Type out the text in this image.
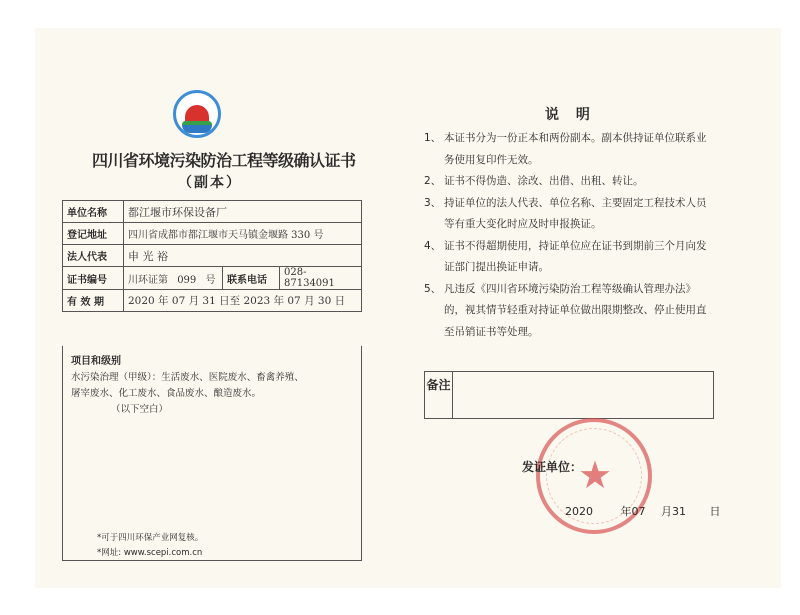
四川省环境污染防治工程等级确认证书
（副本）
单位名称	都江堰市环保设备厂		
登记地址	四川省成都市都江堰市天马镇金堰路 330 号		
法人代表	申 光 裕		
证书编号	川环证第 099 号	联系电话	028-87134091
有 效 期	2020 年 07 月 31 日至 2023 年 07 月 30 日		
项目和级别
水污染治理（甲级）：生活废水、医院废水、畜禽养殖、
屠宰废水、化工废水、食品废水、酿造废水。
（以下空白）
*可于四川环保产业网复核。
*网址: www.scepi.com.cn
说 明
1、 本证书分为一份正本和两份副本。副本供持证单位联系业务使用复印件无效。
2、 证书不得伪造、涂改、出借、出租、转让。
3、 持证单位的法人代表、单位名称、主要固定工程技术人员等有重大变化时应及时申报换证。
4、 证书不得超期使用，持证单位应在证书到期前三个月向发证部门提出换证申请。
5、 凡违反《四川省环境污染防治工程等级确认管理办法》的，视其情节轻重对持证单位做出限期整改、停止使用直至吊销证书等处理。
备注
★
发证单位：
2020	年07 月31 日
